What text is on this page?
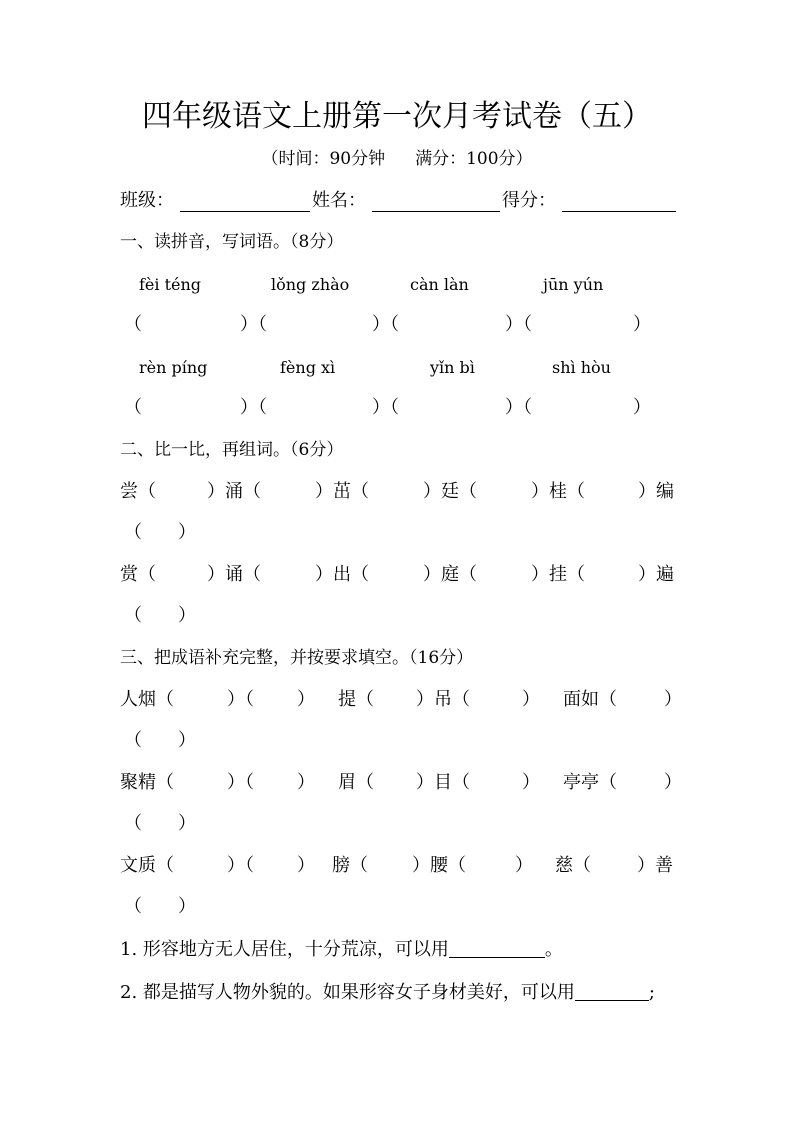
四年级语文上册第一次月考试卷（五）
（时间：90分钟 满分：100分）
班级：	姓名：	得分：
一、读拼音，写词语。（8分）
fèi téng	lǒng zhào	càn làn	jūn yún
（	）（	）（	）（	）
rèn píng	fèng xì	yǐn bì	shì hòu
（	）（	）（	）（	）
二、比一比，再组词。（6分）
尝（	）涌（	）茁（	）廷（	）桂（	）编
（　　）
赏（	）诵（	）出（	）庭（	）挂（	）遍
（　　）
三、把成语补充完整，并按要求填空。（16分）
人烟（	）（ ） 提（ ）吊（	） 面如（	）
（　　）
聚精（	）（ ） 眉（ ）目（	） 亭亭（	）
（　　）
文质（	）（ ） 膀（ ）腰（	） 慈（	）善
（　　）
1. 形容地方无人居住，十分荒凉，可以用	。
2. 都是描写人物外貌的。如果形容女子身材美好，可以用	;
